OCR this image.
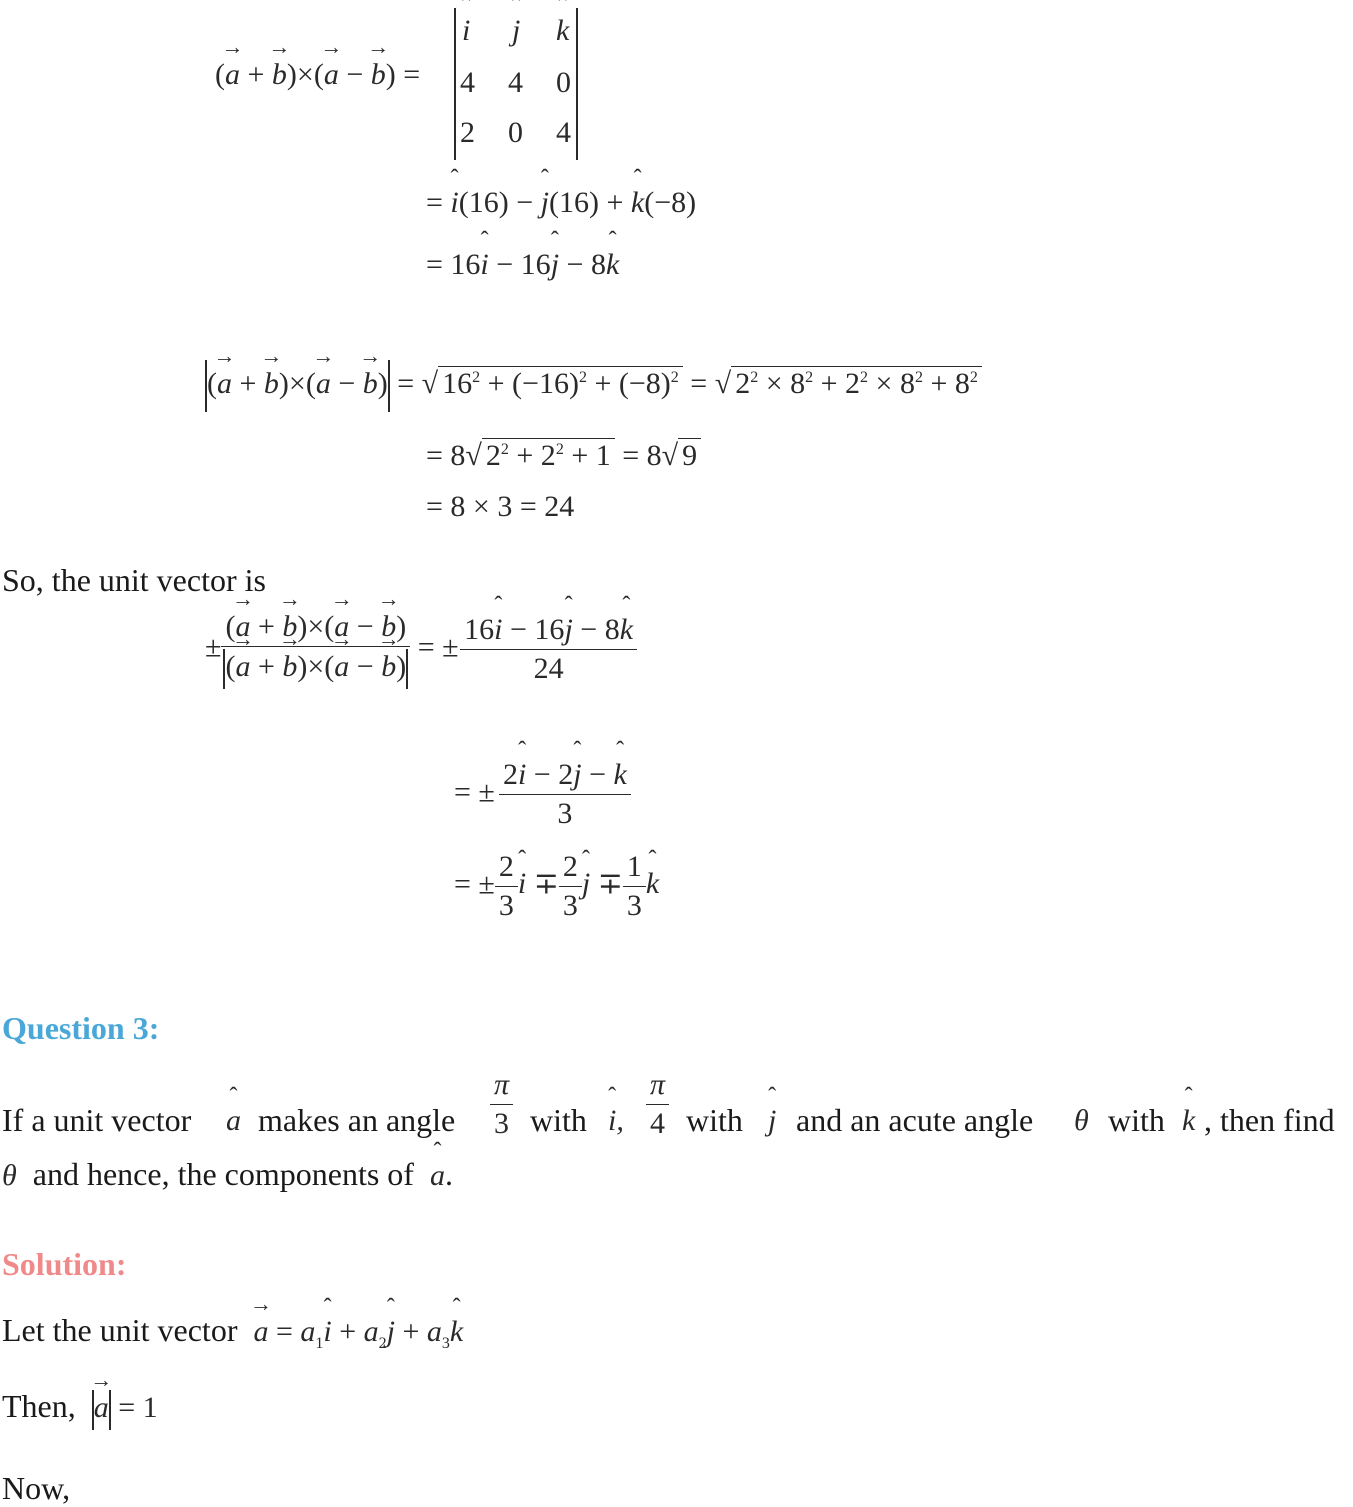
(→ a + → b)×(→ a − → b) =
ˆ i ˆ j ˆ k
4 4 0
2 0 4
= ˆ i(16) − ˆ j(16) + ˆ k(−8)
= 16ˆ i − 16ˆ j − 8ˆ k
(→ a + → b)×(→ a − → b) = √ $16^2 + (-16)^2 + (-8)^2$ = √ $2^2 \times 8^2 + 2^2 \times 8^2 + 8^2$
= 8√ $2^2 + 2^2 + 1 = 8√$ 9
= 8 × 3 = 24
So, the unit vector is
± $\frac{(\to a + \to b)\times(\to a - \to b)}{(\to a + \to b)\times(\to a - \to b)}$ = ± $\frac{\text{16ˆ i − 16ˆ j − 8ˆ k}}{24}$
= ± $\frac{\text{2ˆ i − 2ˆ j − ˆ k}}{3}$
= ± $\frac{2}{3}$ ˆ $i \mp \frac{2}{3}$ ˆ $j \mp \frac{1}{3}$ ˆ k
Question 3:
If a unit vector ˆ a makes an angle $\frac{\pi}{3}$ with ˆ i, $\frac{\pi}{4}$ with ˆ j and an acute angle θ with ˆ k , then find
θ and hence, the components of ˆ a.
Solution:
Let the unit vector → $a = a_1ˆ$ $i + a_2ˆ$ $j + a_3ˆ$ k
Then, → a = 1
Now,
